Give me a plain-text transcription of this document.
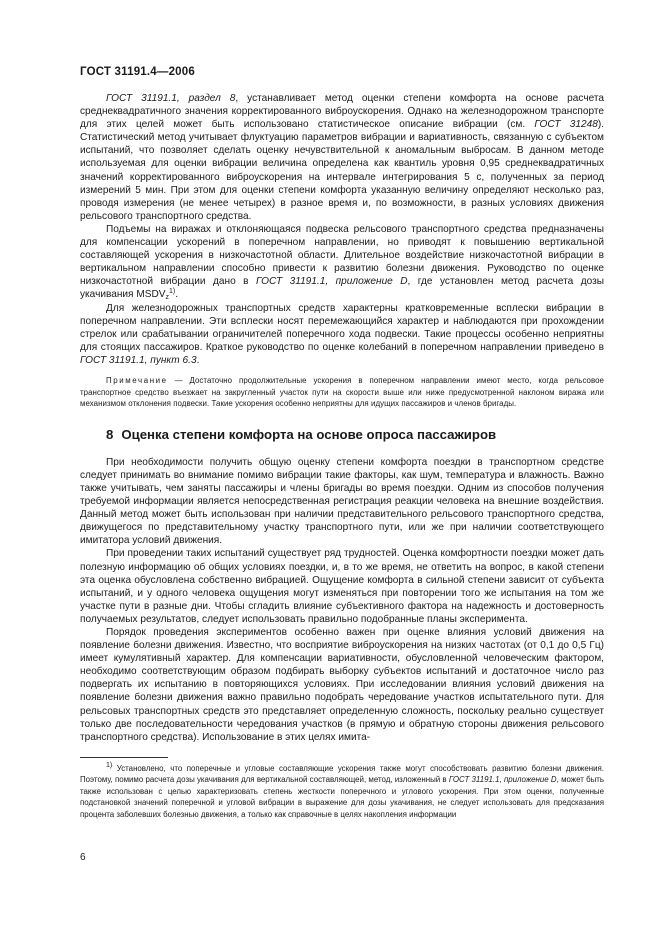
ГОСТ 31191.4—2006

ГОСТ 31191.1, раздел 8, устанавливает метод оценки степени комфорта на основе расчета среднеквадратичного значения корректированного виброускорения. Однако на железнодорожном транспорте для этих целей может быть использовано статистическое описание вибрации (см. ГОСТ 31248). Статистический метод учитывает флуктуацию параметров вибрации и вариативность, связанную с субъектом испытаний, что позволяет сделать оценку нечувствительной к аномальным выбросам. В данном методе используемая для оценки вибрации величина определена как квантиль уровня 0,95 среднеквадратичных значений корректированного виброускорения на интервале интегрирования 5 с, полученных за период измерений 5 мин. При этом для оценки степени комфорта указанную величину определяют несколько раз, проводя измерения (не менее четырех) в разное время и, по возможности, в разных условиях движения рельсового транспортного средства.

Подъемы на виражах и отклоняющаяся подвеска рельсового транспортного средства предназначены для компенсации ускорений в поперечном направлении, но приводят к повышению вертикальной составляющей ускорения в низкочастотной области. Длительное воздействие низкочастотной вибрации в вертикальном направлении способно привести к развитию болезни движения. Руководство по оценке низкочастотной вибрации дано в ГОСТ 31191.1, приложение D, где установлен метод расчета дозы укачивания $MSDV_z^{1)}$.

Для железнодорожных транспортных средств характерны кратковременные всплески вибрации в поперечном направлении. Эти всплески носят перемежающийся характер и наблюдаются при прохождении стрелок или срабатывании ограничителей поперечного хода подвески. Такие процессы особенно неприятны для стоящих пассажиров. Краткое руководство по оценке колебаний в поперечном направлении приведено в ГОСТ 31191.1, пункт 6.3.

Примечание — Достаточно продолжительные ускорения в поперечном направлении имеют место, когда рельсовое транспортное средство въезжает на закругленный участок пути на скорости выше или ниже предусмотренной наклоном виража или механизмом отклонения подвески. Такие ускорения особенно неприятны для идущих пассажиров и членов бригады.

8 Оценка степени комфорта на основе опроса пассажиров

При необходимости получить общую оценку степени комфорта поездки в транспортном средстве следует принимать во внимание помимо вибрации такие факторы, как шум, температура и влажность. Важно также учитывать, чем заняты пассажиры и члены бригады во время поездки. Одним из способов получения требуемой информации является непосредственная регистрация реакции человека на внешние воздействия. Данный метод может быть использован при наличии представительного рельсового транспортного средства, движущегося по представительному участку транспортного пути, или же при наличии соответствующего имитатора условий движения.

При проведении таких испытаний существует ряд трудностей. Оценка комфортности поездки может дать полезную информацию об общих условиях поездки, и, в то же время, не ответить на вопрос, в какой степени эта оценка обусловлена собственно вибрацией. Ощущение комфорта в сильной степени зависит от субъекта испытаний, и у одного человека ощущения могут изменяться при повторении того же испытания на том же участке пути в разные дни. Чтобы сгладить влияние субъективного фактора на надежность и достоверность получаемых результатов, следует использовать правильно подобранные планы эксперимента.

Порядок проведения экспериментов особенно важен при оценке влияния условий движения на появление болезни движения. Известно, что восприятие виброускорения на низких частотах (от 0,1 до 0,5 Гц) имеет кумулятивный характер. Для компенсации вариативности, обусловленной человеческим фактором, необходимо соответствующим образом подбирать выборку субъектов испытаний и достаточное число раз подвергать их испытанию в повторяющихся условиях. При исследовании влияния условий движения на появление болезни движения важно правильно подобрать чередование участков испытательного пути. Для рельсовых транспортных средств это представляет определенную сложность, поскольку реально существует только две последовательности чередования участков (в прямую и обратную стороны движения рельсового транспортного средства). Использование в этих целях имита-

$^{1)}$ Установлено, что поперечные и угловые составляющие ускорения также могут способствовать развитию болезни движения. Поэтому, помимо расчета дозы укачивания для вертикальной составляющей, метод, изложенный в ГОСТ 31191.1, приложение D, может быть также использован с целью характеризовать степень жесткости поперечного и углового ускорения. При этом оценки, полученные подстановкой значений поперечной и угловой вибрации в выражение для дозы укачивания, не следует использовать для предсказания процента заболевших болезнью движения, а только как справочные в целях накопления информации
6
